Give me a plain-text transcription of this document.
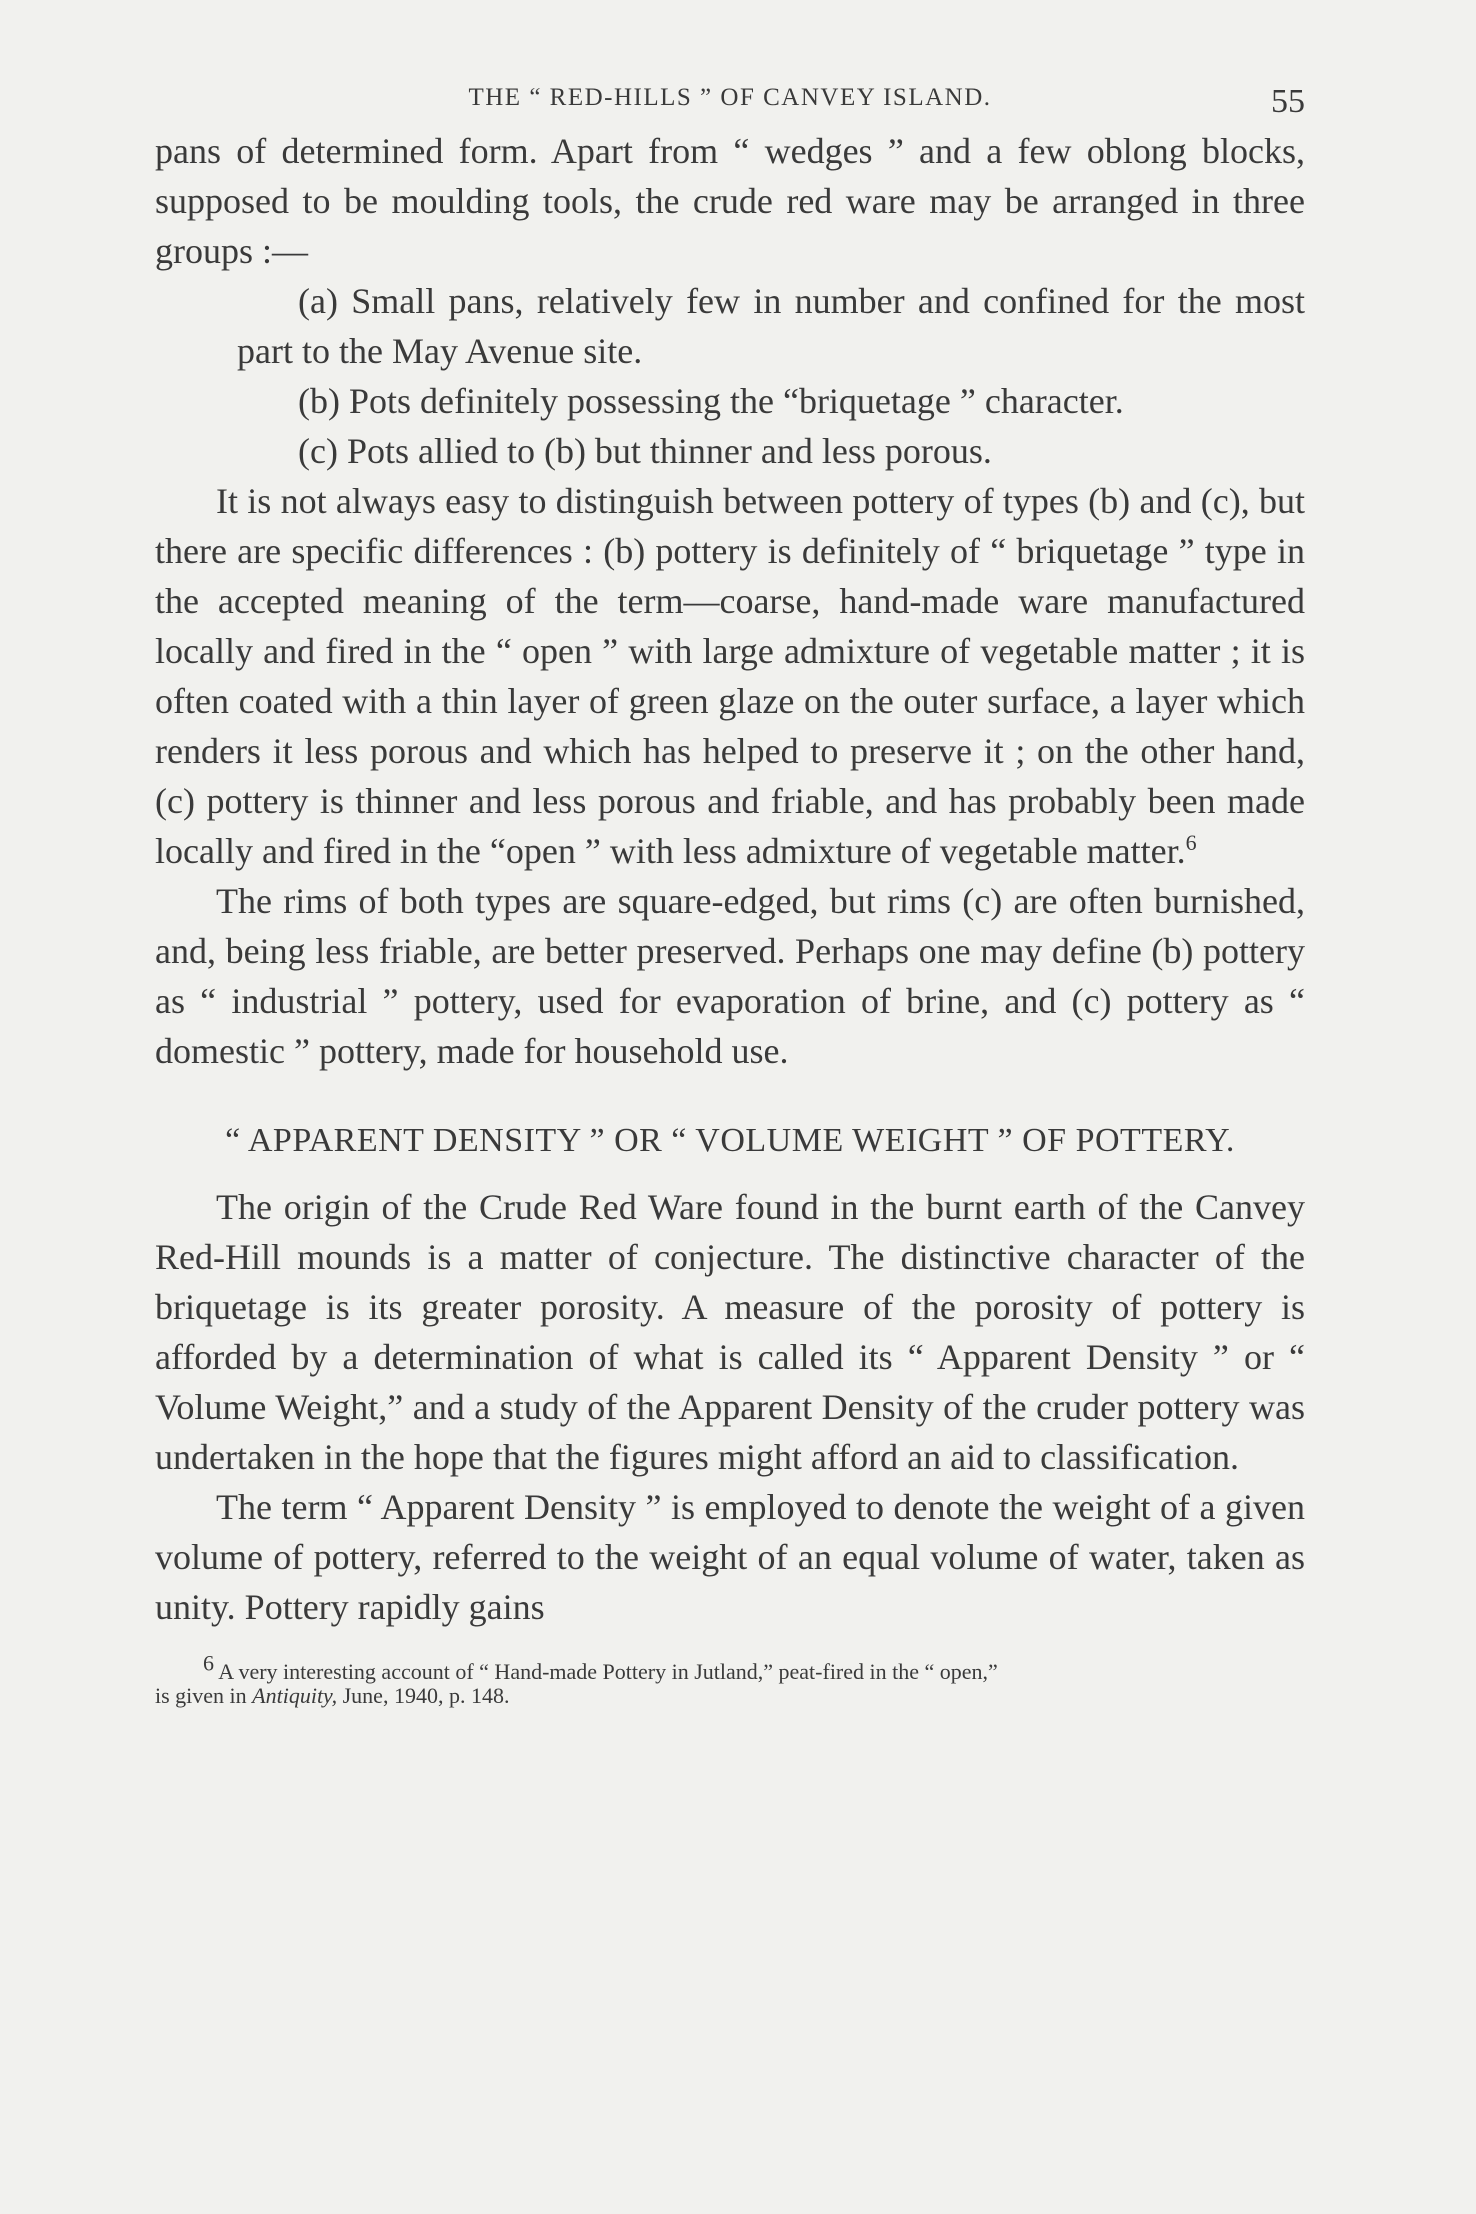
THE “ RED-HILLS ” OF CANVEY ISLAND.	55

pans of determined form. Apart from “ wedges ” and a few oblong blocks, supposed to be moulding tools, the crude red ware may be arranged in three groups :—

(a) Small pans, relatively few in number and confined for the most part to the May Avenue site.

(b) Pots definitely possessing the “briquetage ” character.

(c) Pots allied to (b) but thinner and less porous.

It is not always easy to distinguish between pottery of types (b) and (c), but there are specific differences : (b) pottery is definitely of “ briquetage ” type in the accepted meaning of the term—coarse, hand-made ware manufactured locally and fired in the “ open ” with large admixture of vegetable matter ; it is often coated with a thin layer of green glaze on the outer surface, a layer which renders it less porous and which has helped to preserve it ; on the other hand, (c) pottery is thinner and less porous and friable, and has probably been made locally and fired in the “open ” with less admixture of vegetable matter.$^6$

The rims of both types are square-edged, but rims (c) are often burnished, and, being less friable, are better preserved. Perhaps one may define (b) pottery as “ industrial ” pottery, used for evaporation of brine, and (c) pottery as “ domestic ” pottery, made for household use.

“ APPARENT DENSITY ” OR “ VOLUME WEIGHT ” OF POTTERY.

The origin of the Crude Red Ware found in the burnt earth of the Canvey Red-Hill mounds is a matter of conjecture. The distinctive character of the briquetage is its greater porosity. A measure of the porosity of pottery is afforded by a determination of what is called its “ Apparent Density ” or “ Volume Weight,” and a study of the Apparent Density of the cruder pottery was undertaken in the hope that the figures might afford an aid to classification.

The term “ Apparent Density ” is employed to denote the weight of a given volume of pottery, referred to the weight of an equal volume of water, taken as unity. Pottery rapidly gains

6 A very interesting account of “ Hand-made Pottery in Jutland,” peat-fired in the “ open,”
is given in Antiquity, June, 1940, p. 148.
